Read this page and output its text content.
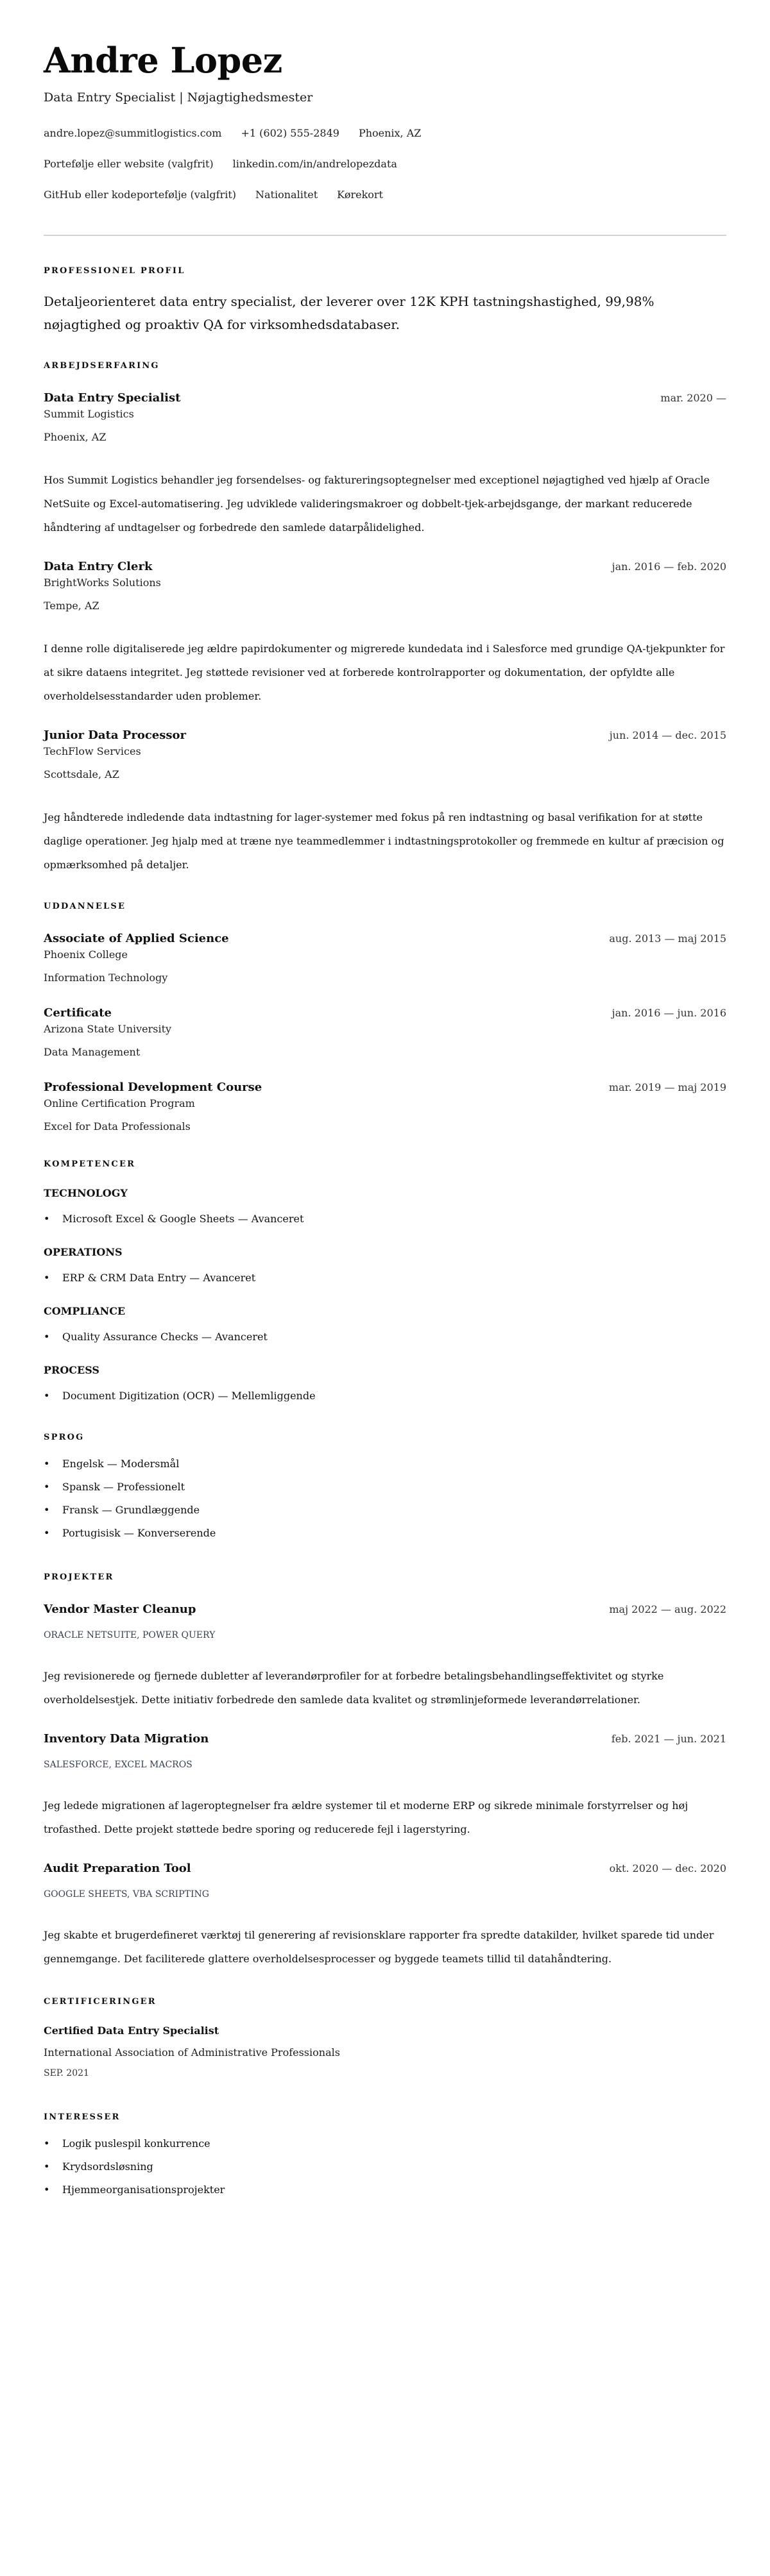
Andre Lopez
Data Entry Specialist | Nøjagtighedsmester
andre.lopez@summitlogistics.com +1 (602) 555-2849 Phoenix, AZ
Portefølje eller website (valgfrit) linkedin.com/in/andrelopezdata
GitHub eller kodeportefølje (valgfrit) Nationalitet Kørekort
PROFESSIONEL PROFIL

Detaljeorienteret data entry specialist, der leverer over 12K KPH tastningshastighed, 99,98% nøjagtighed og proaktiv QA for virksomhedsdatabaser.

ARBEJDSERFARING
Data Entry Specialist	mar. 2020 —
Summit Logistics
Phoenix, AZ

Hos Summit Logistics behandler jeg forsendelses- og faktureringsoptegnelser med exceptionel nøjagtighed ved hjælp af Oracle NetSuite og Excel-automatisering. Jeg udviklede valideringsmakroer og dobbelt-tjek-arbejdsgange, der markant reducerede håndtering af undtagelser og forbedrede den samlede datarpålidelighed.

Data Entry Clerk	jan. 2016 — feb. 2020
BrightWorks Solutions
Tempe, AZ

I denne rolle digitaliserede jeg ældre papirdokumenter og migrerede kundedata ind i Salesforce med grundige QA-tjekpunkter for at sikre dataens integritet. Jeg støttede revisioner ved at forberede kontrolrapporter og dokumentation, der opfyldte alle overholdelsesstandarder uden problemer.

Junior Data Processor	jun. 2014 — dec. 2015
TechFlow Services
Scottsdale, AZ

Jeg håndterede indledende data indtastning for lager-systemer med fokus på ren indtastning og basal verifikation for at støtte daglige operationer. Jeg hjalp med at træne nye teammedlemmer i indtastningsprotokoller og fremmede en kultur af præcision og opmærksomhed på detaljer.

UDDANNELSE
Associate of Applied Science	aug. 2013 — maj 2015
Phoenix College
Information Technology
Certificate	jan. 2016 — jun. 2016
Arizona State University
Data Management
Professional Development Course	mar. 2019 — maj 2019
Online Certification Program
Excel for Data Professionals
KOMPETENCER
TECHNOLOGY
• Microsoft Excel & Google Sheets — Avanceret
OPERATIONS
• ERP & CRM Data Entry — Avanceret
COMPLIANCE
• Quality Assurance Checks — Avanceret
PROCESS
• Document Digitization (OCR) — Mellemliggende
SPROG
• Engelsk — Modersmål
• Spansk — Professionelt
• Fransk — Grundlæggende
• Portugisisk — Konverserende
PROJEKTER
Vendor Master Cleanup	maj 2022 — aug. 2022
ORACLE NETSUITE, POWER QUERY

Jeg revisionerede og fjernede dubletter af leverandørprofiler for at forbedre betalingsbehandlingseffektivitet og styrke overholdelsestjek. Dette initiativ forbedrede den samlede data kvalitet og strømlinjeformede leverandørrelationer.

Inventory Data Migration	feb. 2021 — jun. 2021
SALESFORCE, EXCEL MACROS

Jeg ledede migrationen af lageroptegnelser fra ældre systemer til et moderne ERP og sikrede minimale forstyrrelser og høj trofasthed. Dette projekt støttede bedre sporing og reducerede fejl i lagerstyring.

Audit Preparation Tool	okt. 2020 — dec. 2020
GOOGLE SHEETS, VBA SCRIPTING

Jeg skabte et brugerdefineret værktøj til generering af revisionsklare rapporter fra spredte datakilder, hvilket sparede tid under gennemgange. Det faciliterede glattere overholdelsesprocesser og byggede teamets tillid til datahåndtering.

CERTIFICERINGER
Certified Data Entry Specialist
International Association of Administrative Professionals
SEP. 2021
INTERESSER
• Logik puslespil konkurrence
• Krydsordsløsning
• Hjemmeorganisationsprojekter
